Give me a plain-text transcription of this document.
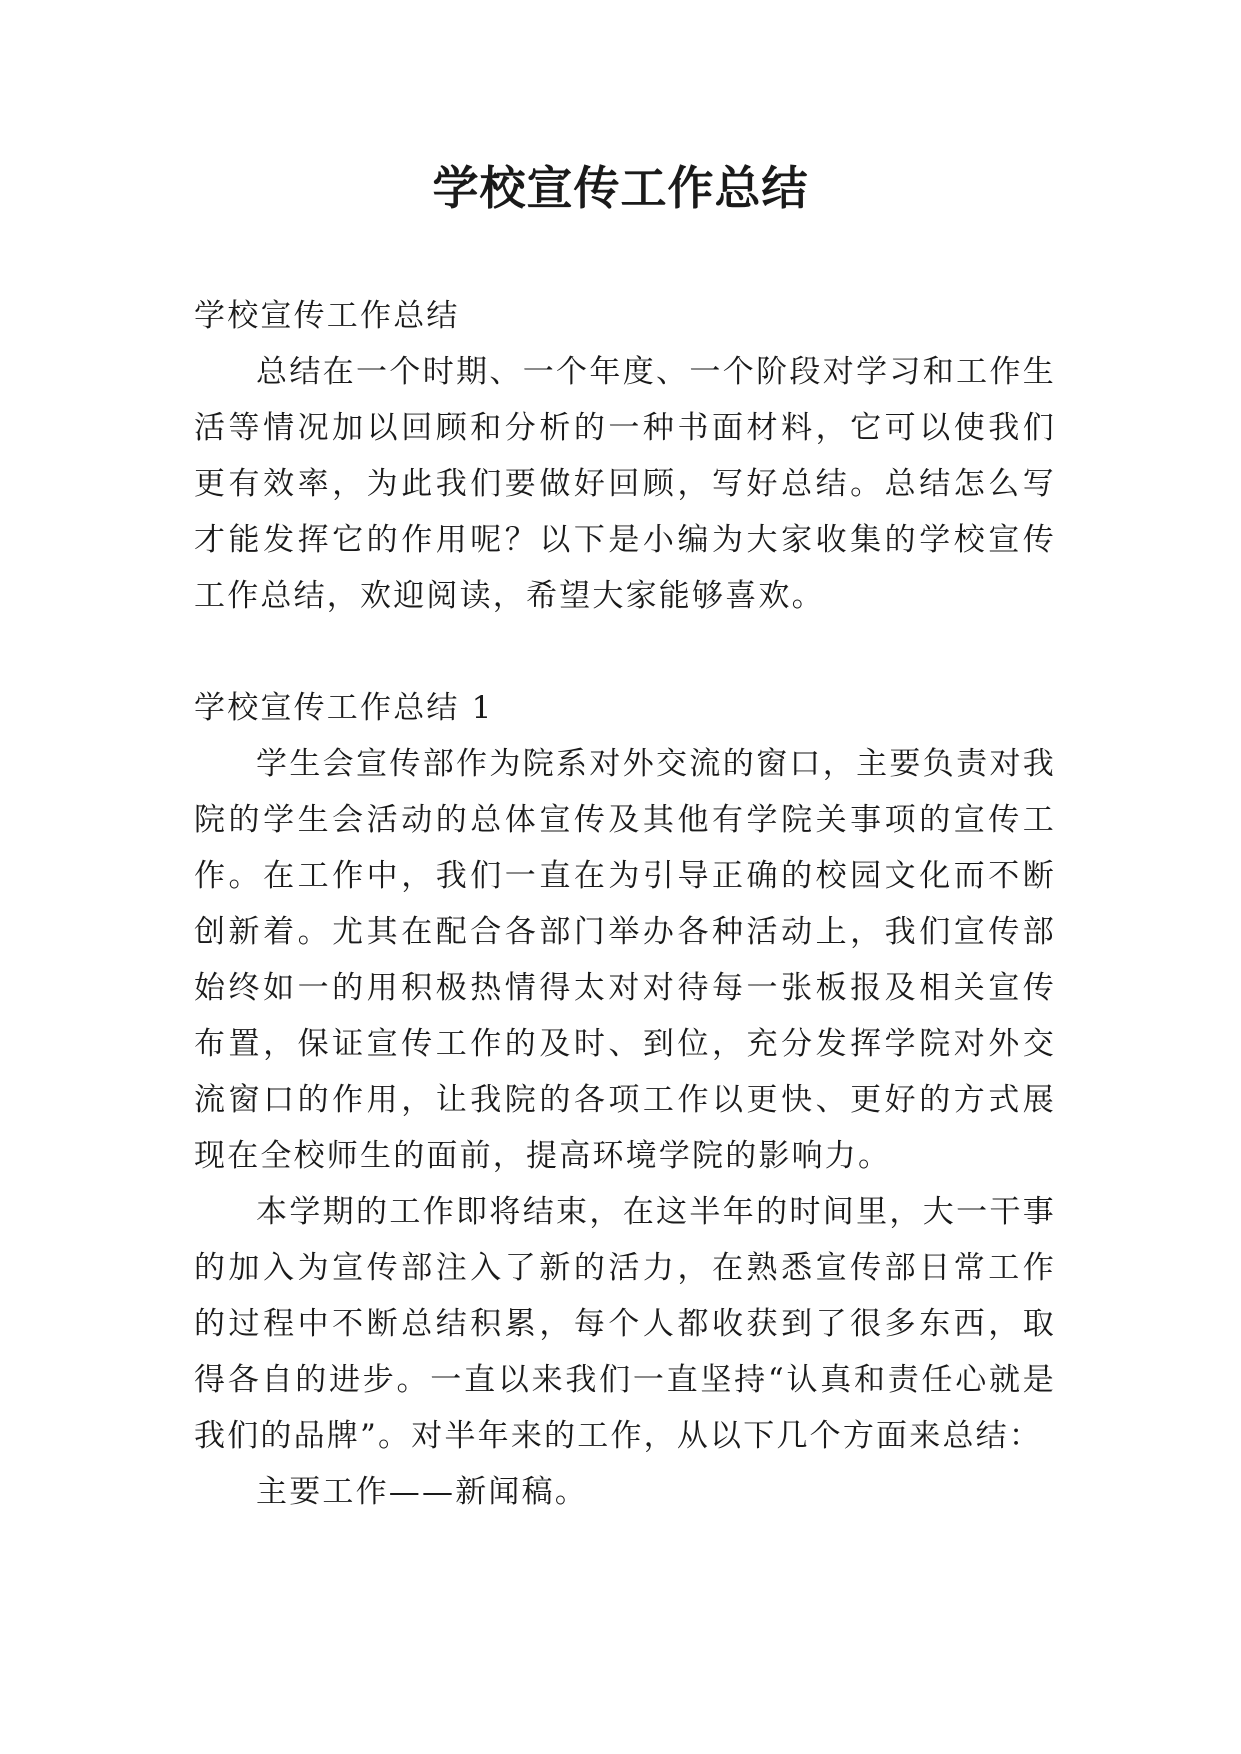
学校宣传工作总结

学校宣传工作总结

总结在一个时期、一个年度、一个阶段对学习和工作生活等情况加以回顾和分析的一种书面材料，它可以使我们更有效率，为此我们要做好回顾，写好总结。总结怎么写才能发挥它的作用呢？以下是小编为大家收集的学校宣传工作总结，欢迎阅读，希望大家能够喜欢。

学校宣传工作总结 1

学生会宣传部作为院系对外交流的窗口，主要负责对我院的学生会活动的总体宣传及其他有学院关事项的宣传工作。在工作中，我们一直在为引导正确的校园文化而不断创新着。尤其在配合各部门举办各种活动上，我们宣传部始终如一的用积极热情得太对对待每一张板报及相关宣传布置，保证宣传工作的及时、到位，充分发挥学院对外交流窗口的作用，让我院的各项工作以更快、更好的方式展现在全校师生的面前，提高环境学院的影响力。

本学期的工作即将结束，在这半年的时间里，大一干事的加入为宣传部注入了新的活力，在熟悉宣传部日常工作的过程中不断总结积累，每个人都收获到了很多东西，取得各自的进步。一直以来我们一直坚持“认真和责任心就是我们的品牌”。对半年来的工作，从以下几个方面来总结：

主要工作——新闻稿。
